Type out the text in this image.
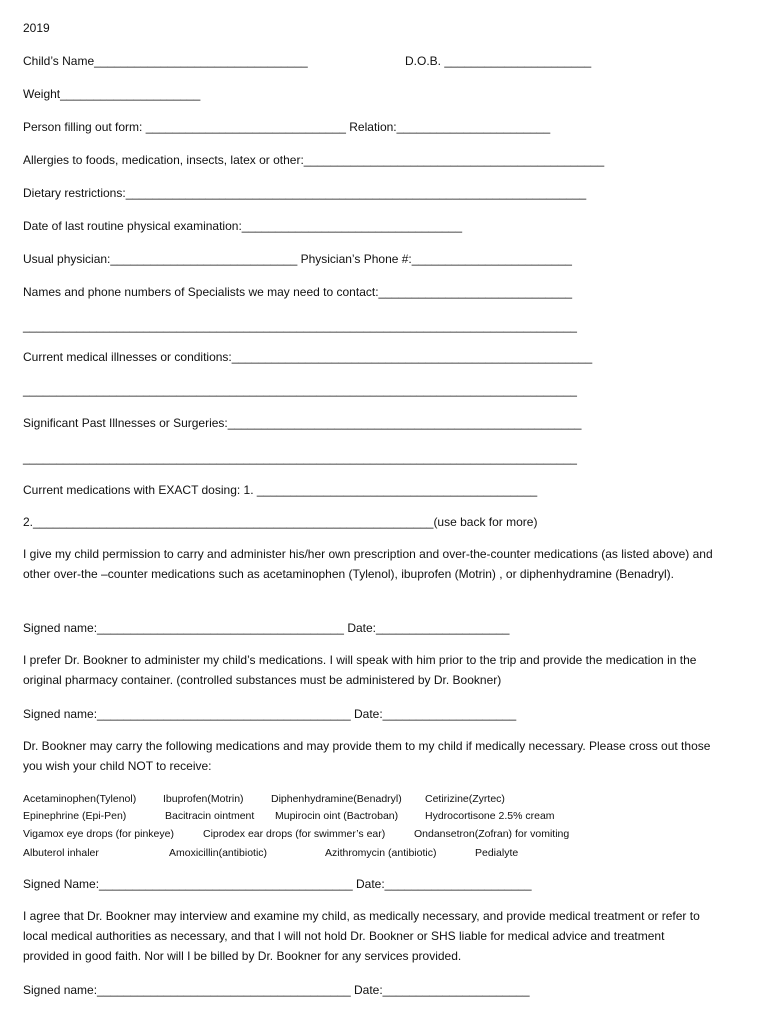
2019
Child’s Name________________________________	D.O.B. ______________________
Weight_____________________
Person filling out form: ______________________________ Relation:_______________________
Allergies to foods, medication, insects, latex or other:_____________________________________________
Dietary restrictions:_____________________________________________________________________
Date of last routine physical examination:_________________________________
Usual physician:____________________________ Physician’s Phone #:________________________
Names and phone numbers of Specialists we may need to contact:_____________________________
___________________________________________________________________________________
Current medical illnesses or conditions:______________________________________________________
___________________________________________________________________________________
Significant Past Illnesses or Surgeries:_____________________________________________________
___________________________________________________________________________________
Current medications with EXACT dosing: 1. __________________________________________
2.____________________________________________________________(use back for more)
I give my child permission to carry and administer his/her own prescription and over-the-counter medications (as listed above) and other over-the –counter medications such as acetaminophen (Tylenol), ibuprofen (Motrin) , or diphenhydramine (Benadryl).
Signed name:_____________________________________ Date:____________________
I prefer Dr. Bookner to administer my child’s medications. I will speak with him prior to the trip and provide the medication in the original pharmacy container. (controlled substances must be administered by Dr. Bookner)
Signed name:______________________________________ Date:____________________
Dr. Bookner may carry the following medications and may provide them to my child if medically necessary. Please cross out those you wish your child NOT to receive:
Acetaminophen(Tylenol)	Ibuprofen(Motrin)	Diphenhydramine(Benadryl) Cetirizine(Zyrtec)
Epinephrine (Epi-Pen)	Bacitracin ointment Mupirocin oint (Bactroban)	Hydrocortisone 2.5% cream
Vigamox eye drops (for pinkeye)	Ciprodex ear drops (for swimmer’s ear)	Ondansetron(Zofran) for vomiting
Albuterol inhaler	Amoxicillin(antibiotic)	Azithromycin (antibiotic)	Pedialyte
Signed Name:______________________________________ Date:______________________
I agree that Dr. Bookner may interview and examine my child, as medically necessary, and provide medical treatment or refer to local medical authorities as necessary, and that I will not hold Dr. Bookner or SHS liable for medical advice and treatment provided in good faith. Nor will I be billed by Dr. Bookner for any services provided.
Signed name:______________________________________ Date:______________________
